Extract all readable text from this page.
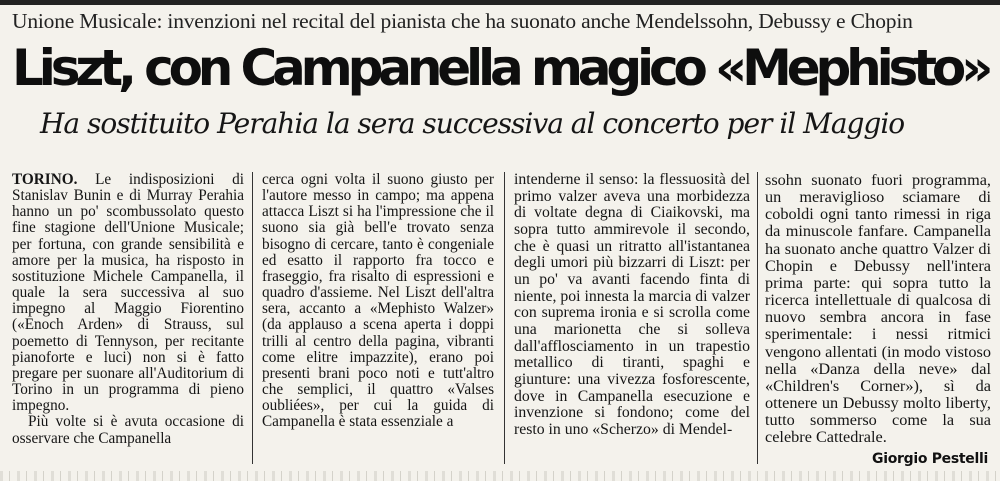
Unione Musicale: invenzioni nel recital del pianista che ha suonato anche Mendelssohn, Debussy e Chopin
Liszt, con Campanella magico «Mephisto»
Ha sostituito Perahia la sera successiva al concerto per il Maggio

TORINO. Le indisposizioni di Stanislav Bunin e di Murray Perahia hanno un po' scombussolato questo fine stagione dell'Unione Musicale; per fortuna, con grande sensibilità e amore per la musica, ha risposto in sostituzione Michele Campanella, il quale la sera successiva al suo impegno al Maggio Fiorentino («Enoch Arden» di Strauss, sul poemetto di Tennyson, per recitante pianoforte e luci) non si è fatto pregare per suonare all'Auditorium di Torino in un programma di pieno impegno.

Più volte si è avuta occasione di osservare che Campanella

cerca ogni volta il suono giusto per l'autore messo in campo; ma appena attacca Liszt si ha l'impressione che il suono sia già bell'e trovato senza bisogno di cercare, tanto è congeniale ed esatto il rapporto fra tocco e fraseggio, fra risalto di espressioni e quadro d'assieme. Nel Liszt dell'altra sera, accanto a «Mephisto Walzer» (da applauso a scena aperta i doppi trilli al centro della pagina, vibranti come elitre impazzite), erano poi presenti brani poco noti e tutt'altro che semplici, il quattro «Valses oubliées», per cui la guida di Campanella è stata essenziale a

intenderne il senso: la flessuosità del primo valzer aveva una morbidezza di voltate degna di Ciaikovski, ma sopra tutto ammirevole il secondo, che è quasi un ritratto all'istantanea degli umori più bizzarri di Liszt: per un po' va avanti facendo finta di niente, poi innesta la marcia di valzer con suprema ironia e si scrolla come una marionetta che si solleva dall'afflosciamento in un trapestio metallico di tiranti, spaghi e giunture: una vivezza fosforescente, dove in Campanella esecuzione e invenzione si fondono; come del resto in uno «Scherzo» di Mendel-

ssohn suonato fuori programma, un meraviglioso sciamare di coboldi ogni tanto rimessi in riga da minuscole fanfare. Campanella ha suonato anche quattro Valzer di Chopin e Debussy nell'intera prima parte: qui sopra tutto la ricerca intellettuale di qualcosa di nuovo sembra ancora in fase sperimentale: i nessi ritmici vengono allentati (in modo vistoso nella «Danza della neve» dal «Children's Corner»), sì da ottenere un Debussy molto liberty, tutto sommerso come la sua celebre Cattedrale.

Giorgio Pestelli
